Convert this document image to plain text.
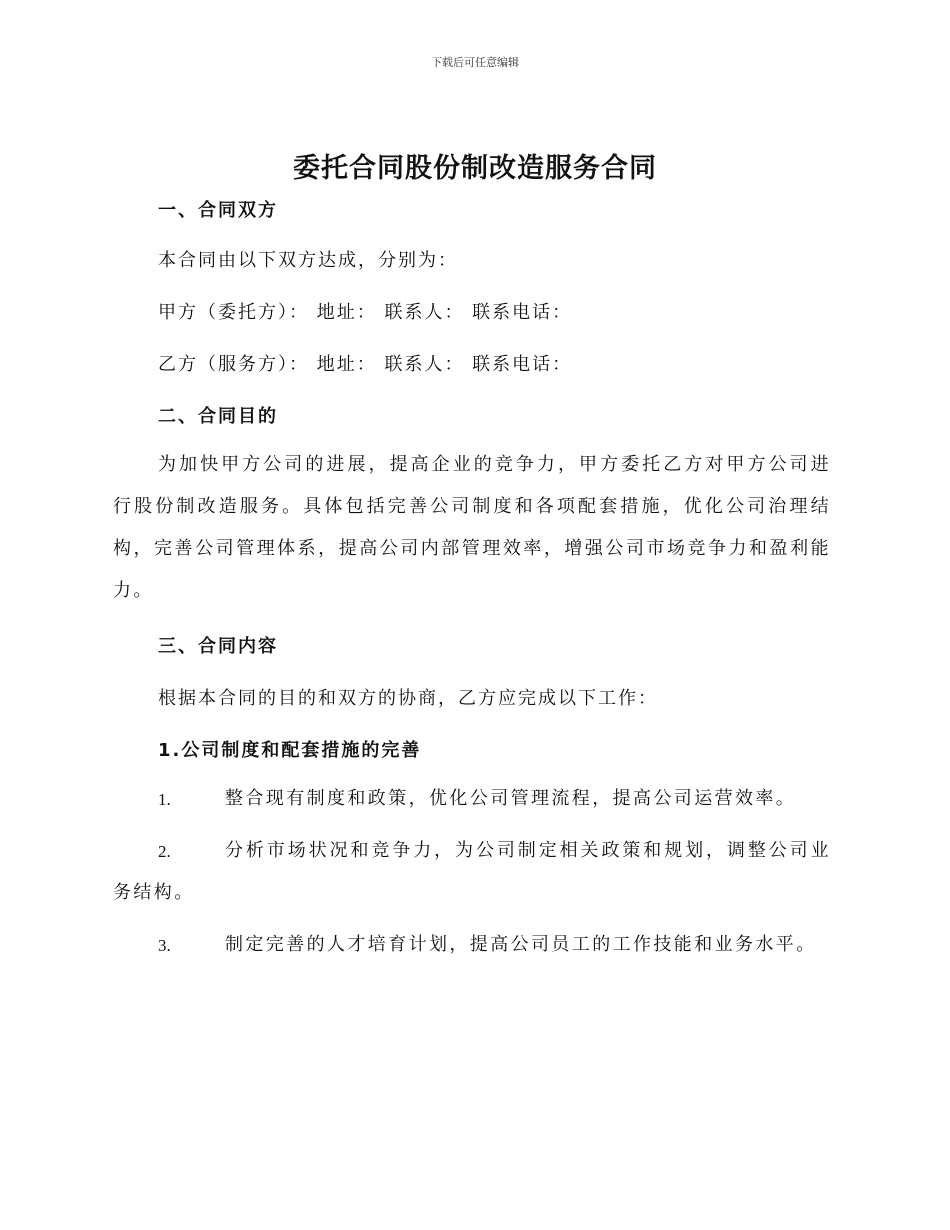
下载后可任意编辑
委托合同股份制改造服务合同
一、合同双方
本合同由以下双方达成，分别为：
甲方（委托方）： 地址： 联系人： 联系电话：
乙方（服务方）： 地址： 联系人： 联系电话：
二、合同目的
为加快甲方公司的进展，提高企业的竞争力，甲方委托乙方对甲方公司进行股份制改造服务。具体包括完善公司制度和各项配套措施，优化公司治理结构，完善公司管理体系，提高公司内部管理效率，增强公司市场竞争力和盈利能力。
三、合同内容
根据本合同的目的和双方的协商，乙方应完成以下工作：
1.公司制度和配套措施的完善
1.	整合现有制度和政策，优化公司管理流程，提高公司运营效率。
2.	分析市场状况和竞争力，为公司制定相关政策和规划，调整公司业务结构。
3.	制定完善的人才培育计划，提高公司员工的工作技能和业务水平。
